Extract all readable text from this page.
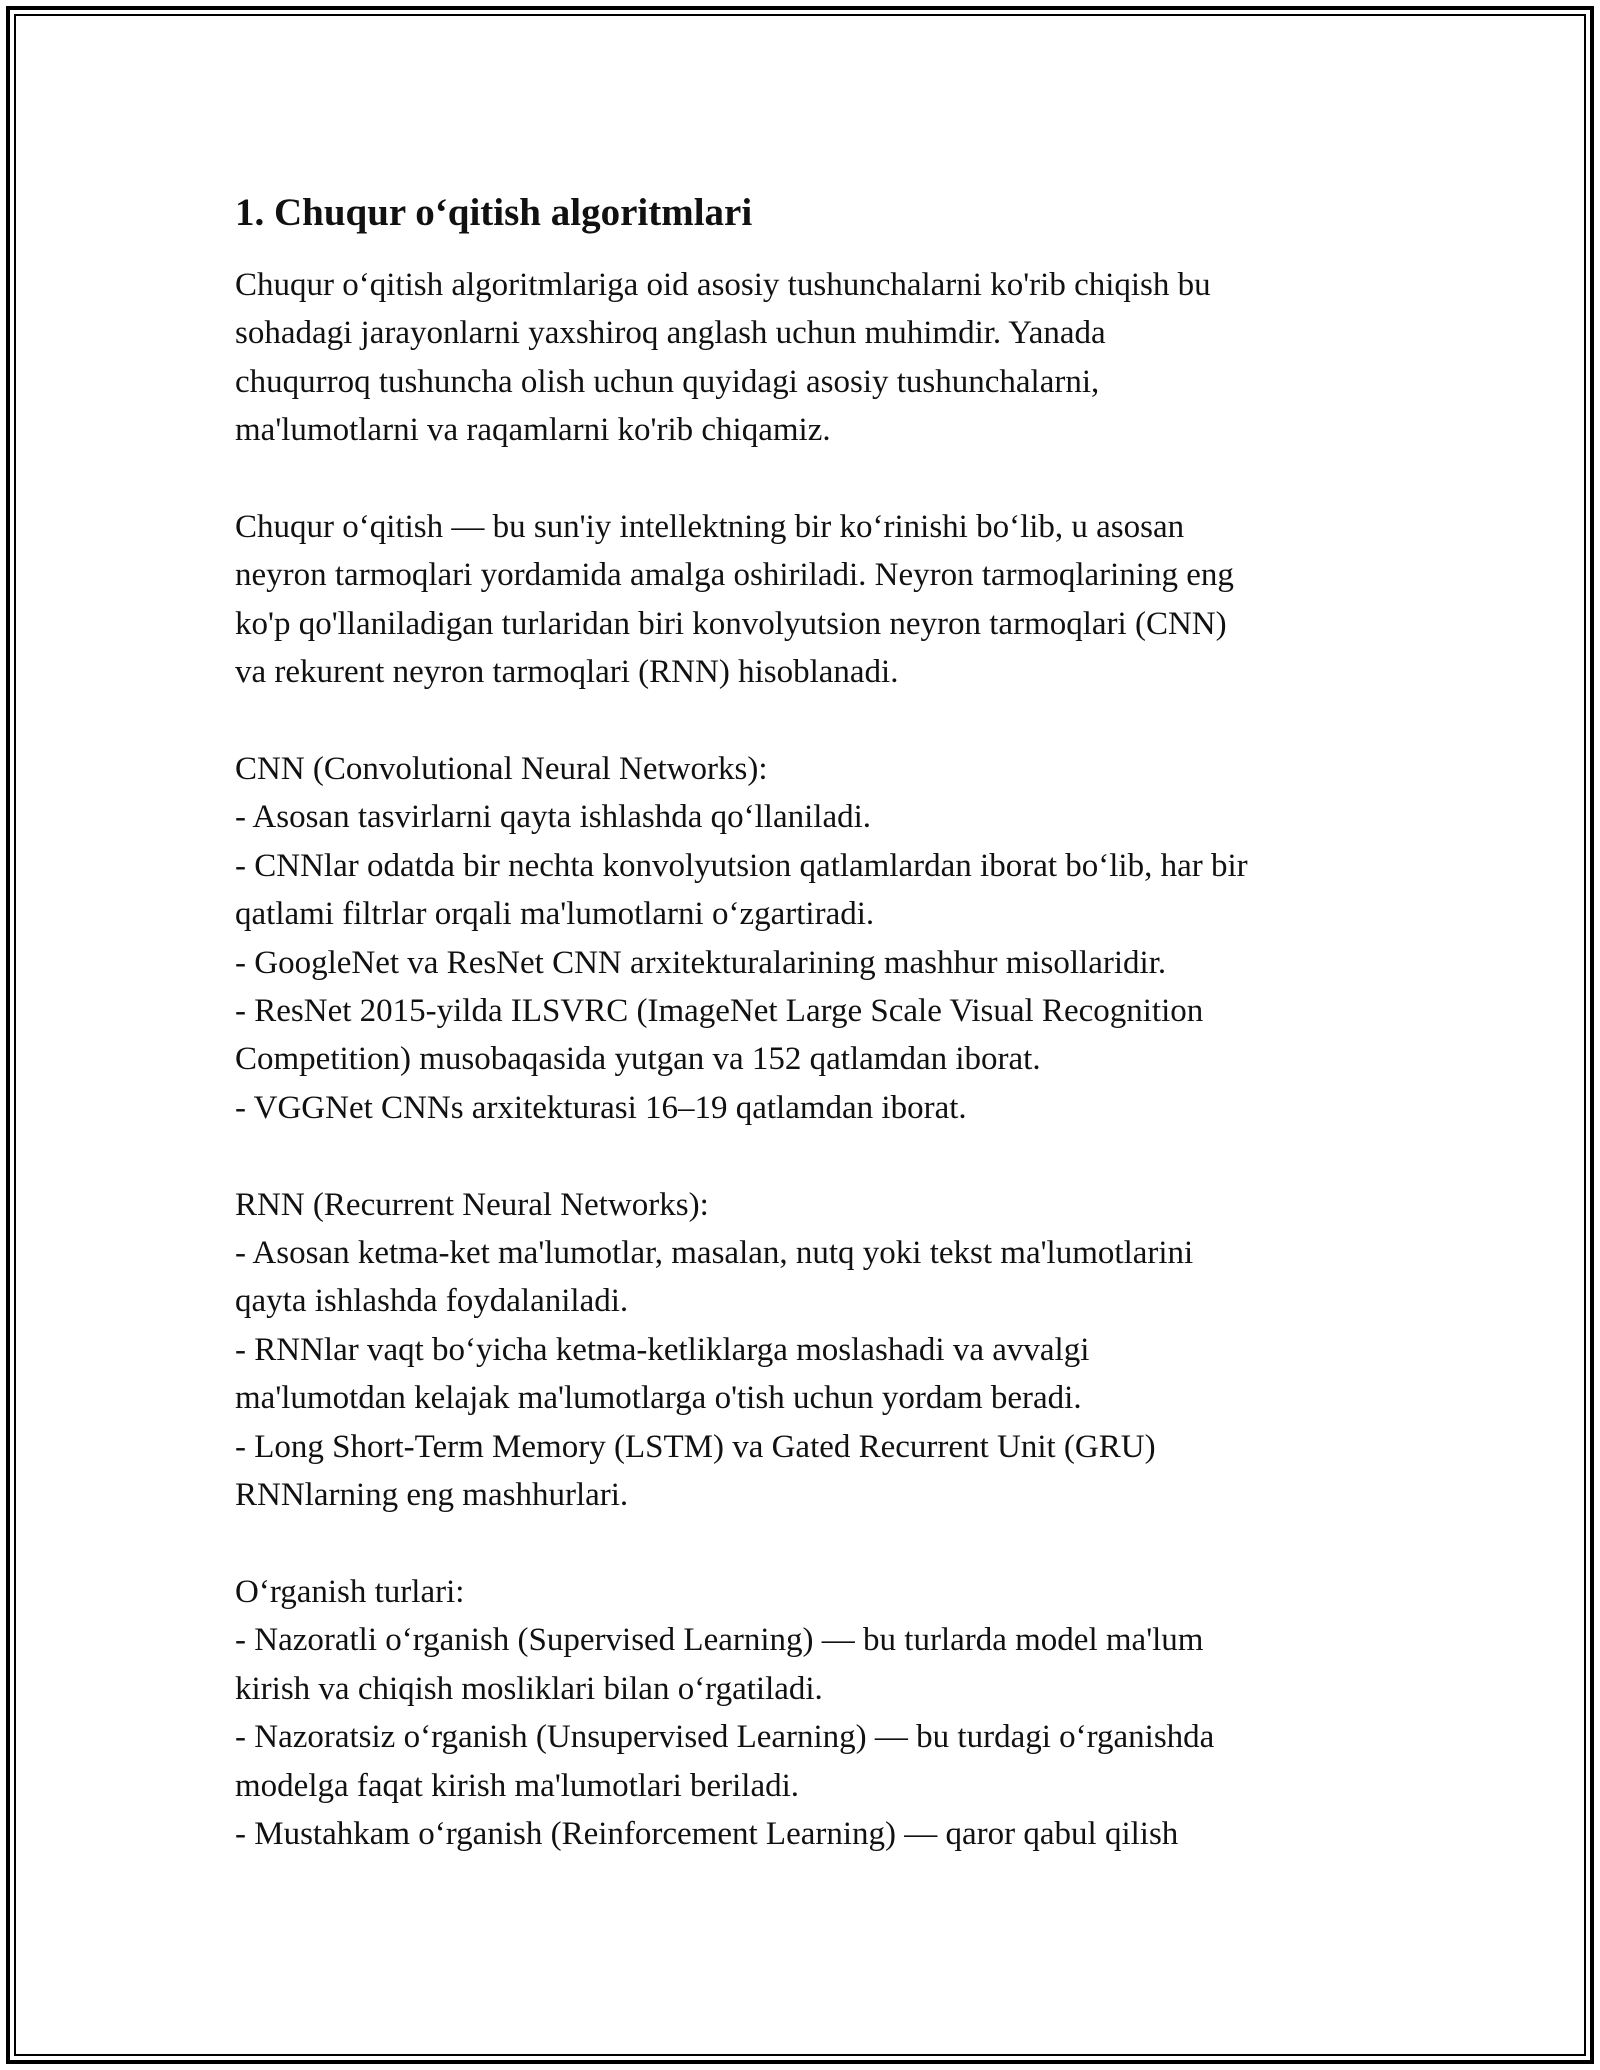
1. Chuqur o‘qitish algoritmlari

Chuqur o‘qitish algoritmlariga oid asosiy tushunchalarni ko'rib chiqish bu
sohadagi jarayonlarni yaxshiroq anglash uchun muhimdir. Yanada
chuqurroq tushuncha olish uchun quyidagi asosiy tushunchalarni,
ma'lumotlarni va raqamlarni ko'rib chiqamiz.

Chuqur o‘qitish — bu sun'iy intellektning bir ko‘rinishi bo‘lib, u asosan
neyron tarmoqlari yordamida amalga oshiriladi. Neyron tarmoqlarining eng
ko'p qo'llaniladigan turlaridan biri konvolyutsion neyron tarmoqlari (CNN)
va rekurent neyron tarmoqlari (RNN) hisoblanadi.

CNN (Convolutional Neural Networks):

- Asosan tasvirlarni qayta ishlashda qo‘llaniladi.

- CNNlar odatda bir nechta konvolyutsion qatlamlardan iborat bo‘lib, har bir
qatlami filtrlar orqali ma'lumotlarni o‘zgartiradi.

- GoogleNet va ResNet CNN arxitekturalarining mashhur misollaridir.

- ResNet 2015-yilda ILSVRC (ImageNet Large Scale Visual Recognition
Competition) musobaqasida yutgan va 152 qatlamdan iborat.

- VGGNet CNNs arxitekturasi 16–19 qatlamdan iborat.

RNN (Recurrent Neural Networks):

- Asosan ketma-ket ma'lumotlar, masalan, nutq yoki tekst ma'lumotlarini
qayta ishlashda foydalaniladi.

- RNNlar vaqt bo‘yicha ketma-ketliklarga moslashadi va avvalgi
ma'lumotdan kelajak ma'lumotlarga o'tish uchun yordam beradi.

- Long Short-Term Memory (LSTM) va Gated Recurrent Unit (GRU)
RNNlarning eng mashhurlari.

O‘rganish turlari:

- Nazoratli o‘rganish (Supervised Learning) — bu turlarda model ma'lum
kirish va chiqish mosliklari bilan o‘rgatiladi.

- Nazoratsiz o‘rganish (Unsupervised Learning) — bu turdagi o‘rganishda
modelga faqat kirish ma'lumotlari beriladi.

- Mustahkam o‘rganish (Reinforcement Learning) — qaror qabul qilish
